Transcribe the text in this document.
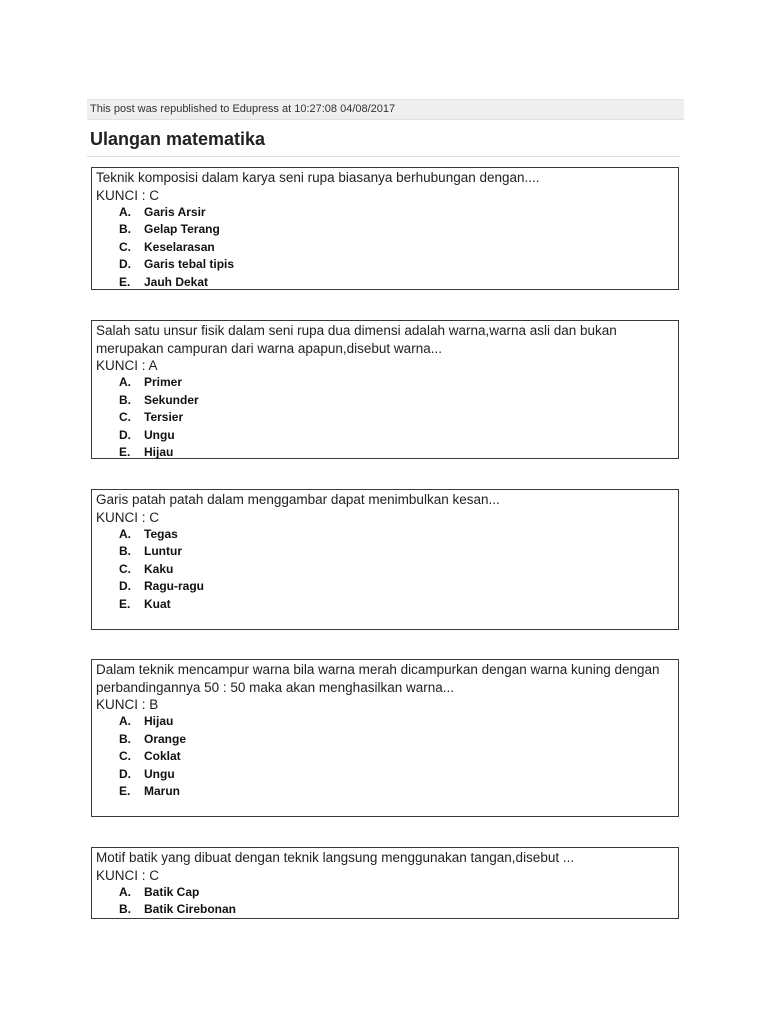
This post was republished to Edupress at 10:27:08 04/08/2017
Ulangan matematika
Teknik komposisi dalam karya seni rupa biasanya berhubungan dengan....
KUNCI : C
A.	Garis Arsir
B.	Gelap Terang
C.	Keselarasan
D.	Garis tebal tipis
E.	Jauh Dekat
Salah satu unsur fisik dalam seni rupa dua dimensi adalah warna,warna asli dan bukan merupakan campuran dari warna apapun,disebut warna...
KUNCI : A
A.	Primer
B.	Sekunder
C.	Tersier
D.	Ungu
E.	Hijau
Garis patah patah dalam menggambar dapat menimbulkan kesan...
KUNCI : C
A.	Tegas
B.	Luntur
C.	Kaku
D.	Ragu-ragu
E.	Kuat
Dalam teknik mencampur warna bila warna merah dicampurkan dengan warna kuning dengan perbandingannya 50 : 50 maka akan menghasilkan warna...
KUNCI : B
A.	Hijau
B.	Orange
C.	Coklat
D.	Ungu
E.	Marun
Motif batik yang dibuat dengan teknik langsung menggunakan tangan,disebut ...
KUNCI : C
A.	Batik Cap
B.	Batik Cirebonan
